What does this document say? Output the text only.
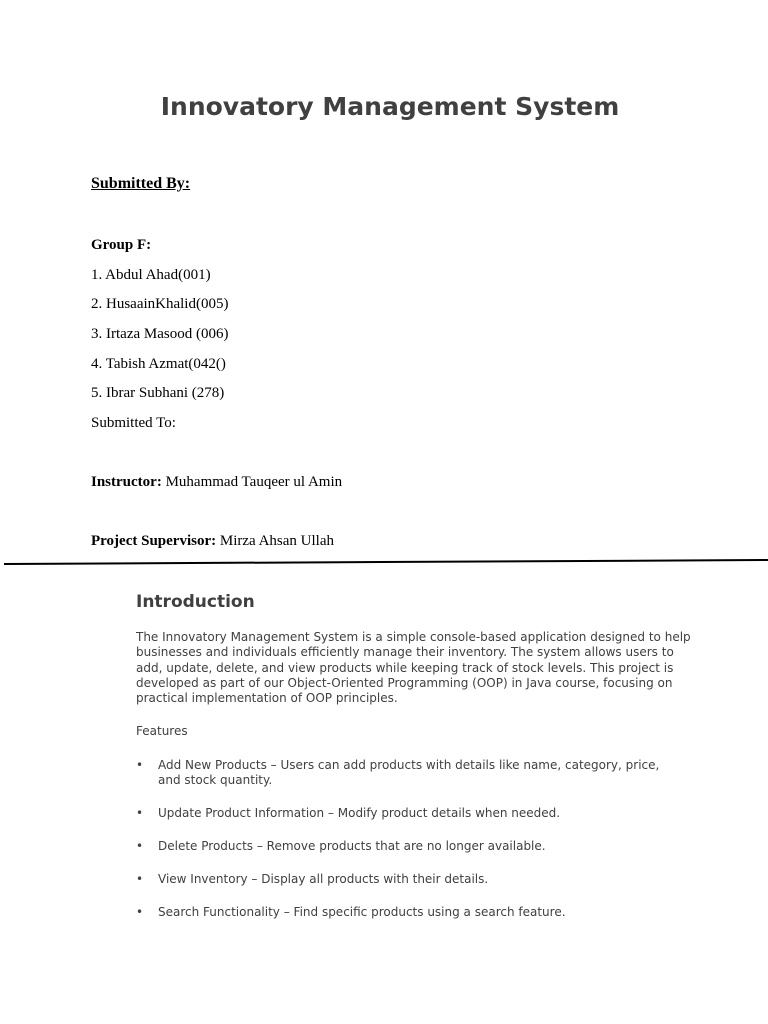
Innovatory Management System
Submitted By:
Group F:
1. Abdul Ahad(001)
2. HusaainKhalid(005)
3. Irtaza Masood (006)
4. Tabish Azmat(042()
5. Ibrar Subhani (278)
Submitted To:
Instructor: Muhammad Tauqeer ul Amin
Project Supervisor: Mirza Ahsan Ullah
Introduction
The Innovatory Management System is a simple console-based application designed to help businesses and individuals efficiently manage their inventory. The system allows users to add, update, delete, and view products while keeping track of stock levels. This project is developed as part of our Object-Oriented Programming (OOP) in Java course, focusing on practical implementation of OOP principles.
Features
• Add New Products – Users can add products with details like name, category, price, and stock quantity.
• Update Product Information – Modify product details when needed.
• Delete Products – Remove products that are no longer available.
• View Inventory – Display all products with their details.
• Search Functionality – Find specific products using a search feature.
